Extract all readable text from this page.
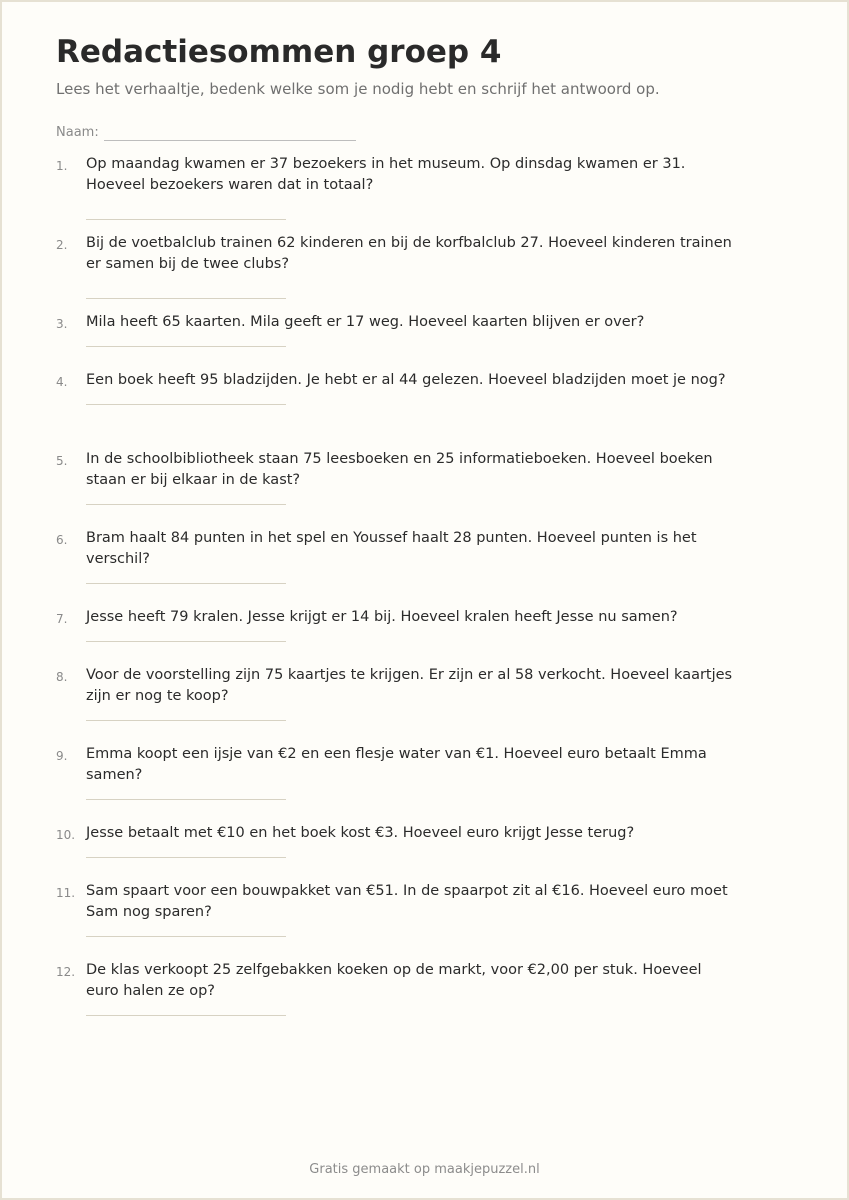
Redactiesommen groep 4

Lees het verhaaltje, bedenk welke som je nodig hebt en schrijf het antwoord op.

Naam:
1. Op maandag kwamen er 37 bezoekers in het museum. Op dinsdag kwamen er 31. Hoeveel bezoekers waren dat in totaal?
2. Bij de voetbalclub trainen 62 kinderen en bij de korfbalclub 27. Hoeveel kinderen trainen er samen bij de twee clubs?
3. Mila heeft 65 kaarten. Mila geeft er 17 weg. Hoeveel kaarten blijven er over?
4. Een boek heeft 95 bladzijden. Je hebt er al 44 gelezen. Hoeveel bladzijden moet je nog?
5. In de schoolbibliotheek staan 75 leesboeken en 25 informatieboeken. Hoeveel boeken staan er bij elkaar in de kast?
6. Bram haalt 84 punten in het spel en Youssef haalt 28 punten. Hoeveel punten is het verschil?
7. Jesse heeft 79 kralen. Jesse krijgt er 14 bij. Hoeveel kralen heeft Jesse nu samen?
8. Voor de voorstelling zijn 75 kaartjes te krijgen. Er zijn er al 58 verkocht. Hoeveel kaartjes zijn er nog te koop?
9. Emma koopt een ijsje van €2 en een flesje water van €1. Hoeveel euro betaalt Emma samen?
10. Jesse betaalt met €10 en het boek kost €3. Hoeveel euro krijgt Jesse terug?
11. Sam spaart voor een bouwpakket van €51. In de spaarpot zit al €16. Hoeveel euro moet Sam nog sparen?
12. De klas verkoopt 25 zelfgebakken koeken op de markt, voor €2,00 per stuk. Hoeveel euro halen ze op?
Gratis gemaakt op maakjepuzzel.nl
